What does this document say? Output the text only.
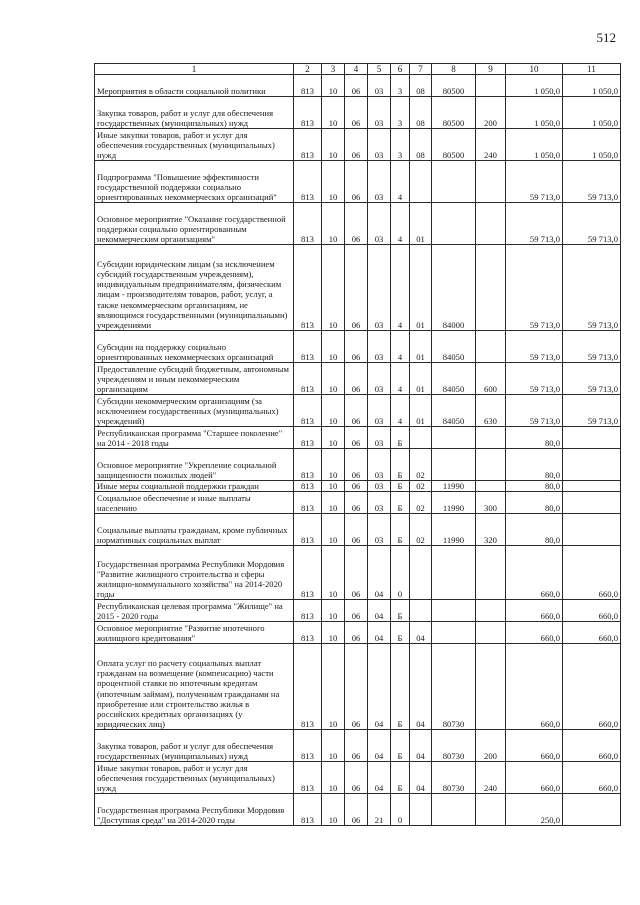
512
1	2	3	4	5	6	7	8	9	10	11
Мероприятия в области социальной политики	813	10	06	03	3	08	80500		1 050,0	1 050,0
Закупка товаров, работ и услуг для обеспечения государственных (муниципальных) нужд	813	10	06	03	3	08	80500	200	1 050,0	1 050,0
Иные закупки товаров, работ и услуг для обеспечения государственных (муниципальных) нужд	813	10	06	03	3	08	80500	240	1 050,0	1 050,0
Подпрограмма "Повышение эффективности государственной поддержки социально ориентированных некоммерческих организаций"	813	10	06	03	4				59 713,0	59 713,0
Основное мероприятие "Оказание государственной поддержки социально ориентированным некоммерческим организациям"	813	10	06	03	4	01			59 713,0	59 713,0
Субсидии юридическим лицам (за исключением субсидий государственным учреждениям), индивидуальным предпринимателям, физическим лицам - производителям товаров, работ, услуг, а также некоммерческим организациям, не являющимся государственными (муниципальными) учреждениями	813	10	06	03	4	01	84000		59 713,0	59 713,0
Субсидии на поддержку социально ориентированных некоммерческих организаций	813	10	06	03	4	01	84050		59 713,0	59 713,0
Предоставление субсидий бюджетным, автономным учреждениям и иным некоммерческим организациям	813	10	06	03	4	01	84050	600	59 713,0	59 713,0
Субсидии некоммерческим организациям (за исключением государственных (муниципальных) учреждений)	813	10	06	03	4	01	84050	630	59 713,0	59 713,0
Республиканская программа "Старшее поколение" на 2014 - 2018 годы	813	10	06	03	Б				80,0	
Основное мероприятие "Укрепление социальной защищенности пожилых людей"	813	10	06	03	Б	02			80,0	
Иные меры социальной поддержки граждан	813	10	06	03	Б	02	11990		80,0	
Социальное обеспечение и иные выплаты населению	813	10	06	03	Б	02	11990	300	80,0	
Социальные выплаты гражданам, кроме публичных нормативных социальных выплат	813	10	06	03	Б	02	11990	320	80,0	
Государственная программа Республики Мордовия "Развитие жилищного строительства и сферы жилищно-коммунального хозяйства" на 2014-2020 годы	813	10	06	04	0				660,0	660,0
Республиканская целевая программа "Жилище" на 2015 - 2020 годы	813	10	06	04	Б				660,0	660,0
Основное мероприятие "Развитие ипотечного жилищного кредитования"	813	10	06	04	Б	04			660,0	660,0
Оплата услуг по расчету социальных выплат гражданам на возмещение (компенсацию) части процентной ставки по ипотечным кредитам (ипотечным займам), полученным гражданами на приобретение или строительство жилья в российских кредитных организациях (у юридических лиц)	813	10	06	04	Б	04	80730		660,0	660,0
Закупка товаров, работ и услуг для обеспечения государственных (муниципальных) нужд	813	10	06	04	Б	04	80730	200	660,0	660,0
Иные закупки товаров, работ и услуг для обеспечения государственных (муниципальных) нужд	813	10	06	04	Б	04	80730	240	660,0	660,0
Государственная программа Республики Мордовия "Доступная среда" на 2014-2020 годы	813	10	06	21	0				250,0	
